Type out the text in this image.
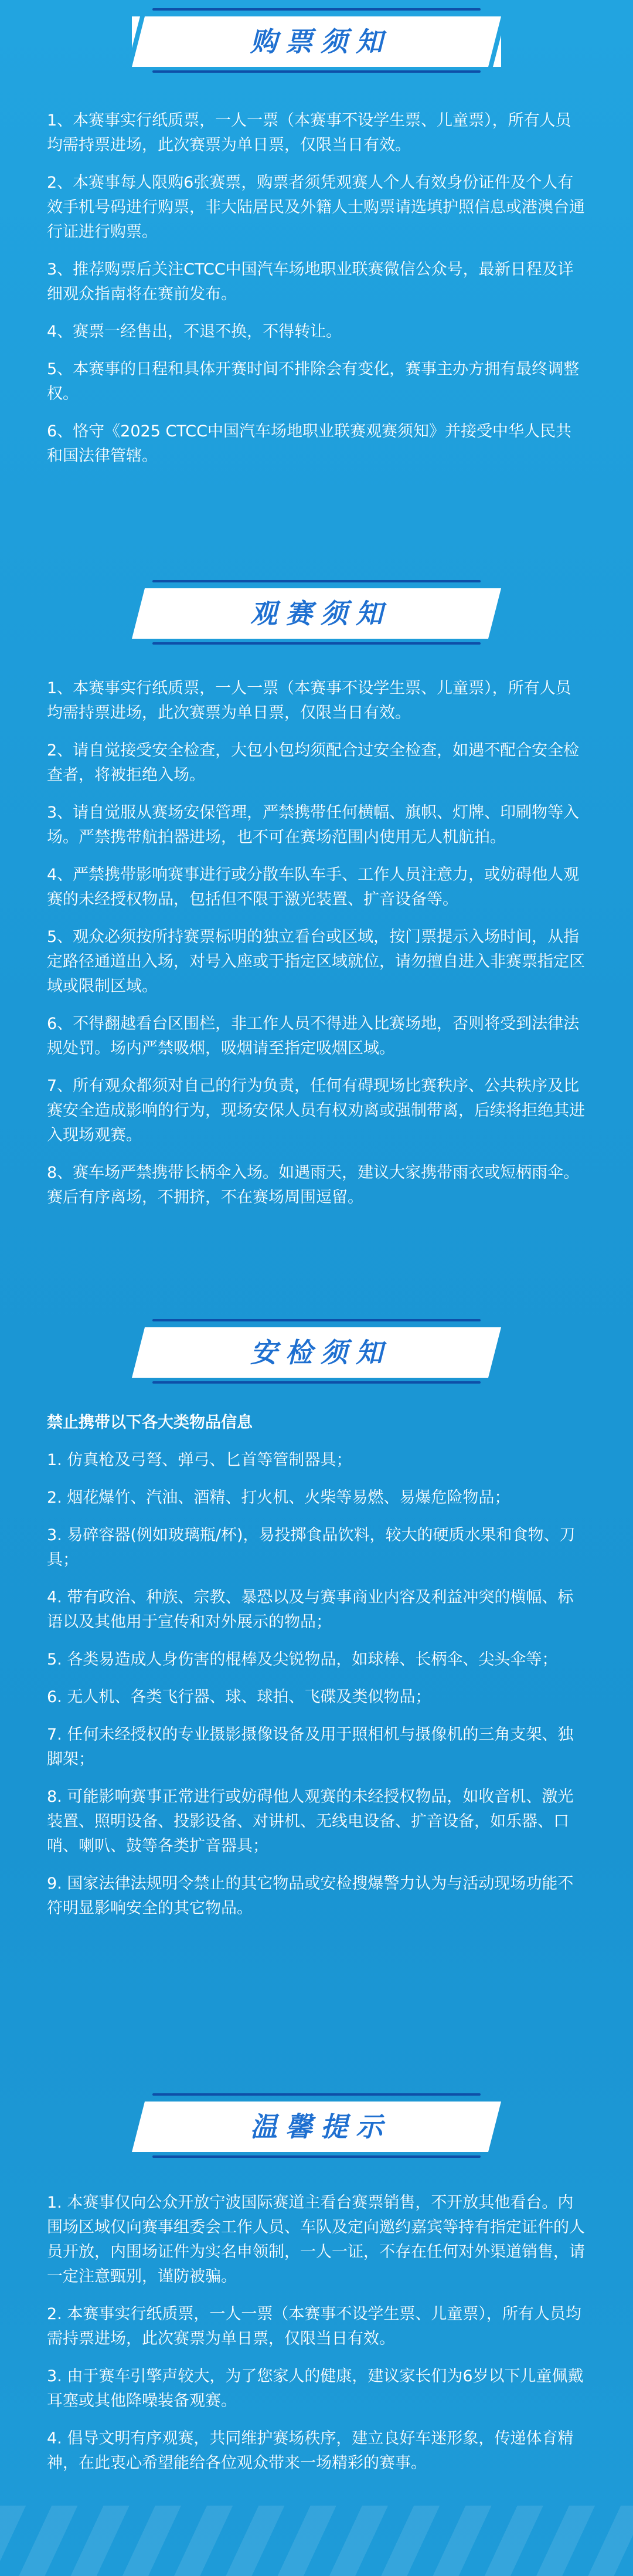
购票须知

1、本赛事实行纸质票，一人一票（本赛事不设学生票、儿童票），所有人员均需持票进场，此次赛票为单日票，仅限当日有效。

2、本赛事每人限购6张赛票，购票者须凭观赛人个人有效身份证件及个人有效手机号码进行购票，非大陆居民及外籍人士购票请选填护照信息或港澳台通行证进行购票。

3、推荐购票后关注CTCC中国汽车场地职业联赛微信公众号，最新日程及详细观众指南将在赛前发布。

4、赛票一经售出，不退不换，不得转让。

5、本赛事的日程和具体开赛时间不排除会有变化，赛事主办方拥有最终调整权。

6、恪守《2025 CTCC中国汽车场地职业联赛观赛须知》并接受中华人民共和国法律管辖。

观赛须知

1、本赛事实行纸质票，一人一票（本赛事不设学生票、儿童票），所有人员均需持票进场，此次赛票为单日票，仅限当日有效。

2、请自觉接受安全检查，大包小包均须配合过安全检查，如遇不配合安全检查者，将被拒绝入场。

3、请自觉服从赛场安保管理，严禁携带任何横幅、旗帜、灯牌、印刷物等入场。严禁携带航拍器进场，也不可在赛场范围内使用无人机航拍。

4、严禁携带影响赛事进行或分散车队车手、工作人员注意力，或妨碍他人观赛的未经授权物品，包括但不限于激光装置、扩音设备等。

5、观众必须按所持赛票标明的独立看台或区域，按门票提示入场时间，从指定路径通道出入场，对号入座或于指定区域就位，请勿擅自进入非赛票指定区域或限制区域。

6、不得翻越看台区围栏，非工作人员不得进入比赛场地，否则将受到法律法规处罚。场内严禁吸烟，吸烟请至指定吸烟区域。

7、所有观众都须对自己的行为负责，任何有碍现场比赛秩序、公共秩序及比赛安全造成影响的行为，现场安保人员有权劝离或强制带离，后续将拒绝其进入现场观赛。

8、赛车场严禁携带长柄伞入场。如遇雨天，建议大家携带雨衣或短柄雨伞。赛后有序离场，不拥挤，不在赛场周围逗留。

安检须知

禁止携带以下各大类物品信息

1. 仿真枪及弓弩、弹弓、匕首等管制器具；

2. 烟花爆竹、汽油、酒精、打火机、火柴等易燃、易爆危险物品；

3. 易碎容器(例如玻璃瓶/杯)，易投掷食品饮料，较大的硬质水果和食物、刀具；

4. 带有政治、种族、宗教、暴恐以及与赛事商业内容及利益冲突的横幅、标语以及其他用于宣传和对外展示的物品；

5. 各类易造成人身伤害的棍棒及尖锐物品，如球棒、长柄伞、尖头伞等；

6. 无人机、各类飞行器、球、球拍、飞碟及类似物品；

7. 任何未经授权的专业摄影摄像设备及用于照相机与摄像机的三角支架、独脚架；

8. 可能影响赛事正常进行或妨碍他人观赛的未经授权物品，如收音机、激光装置、照明设备、投影设备、对讲机、无线电设备、扩音设备，如乐器、口哨、喇叭、鼓等各类扩音器具；

9. 国家法律法规明令禁止的其它物品或安检搜爆警力认为与活动现场功能不符明显影响安全的其它物品。

温馨提示

1. 本赛事仅向公众开放宁波国际赛道主看台赛票销售，不开放其他看台。内围场区域仅向赛事组委会工作人员、车队及定向邀约嘉宾等持有指定证件的人员开放，内围场证件为实名申领制，一人一证，不存在任何对外渠道销售，请一定注意甄别，谨防被骗。

2. 本赛事实行纸质票，一人一票（本赛事不设学生票、儿童票），所有人员均需持票进场，此次赛票为单日票，仅限当日有效。

3. 由于赛车引擎声较大，为了您家人的健康，建议家长们为6岁以下儿童佩戴耳塞或其他降噪装备观赛。

4. 倡导文明有序观赛，共同维护赛场秩序，建立良好车迷形象，传递体育精神，在此衷心希望能给各位观众带来一场精彩的赛事。
